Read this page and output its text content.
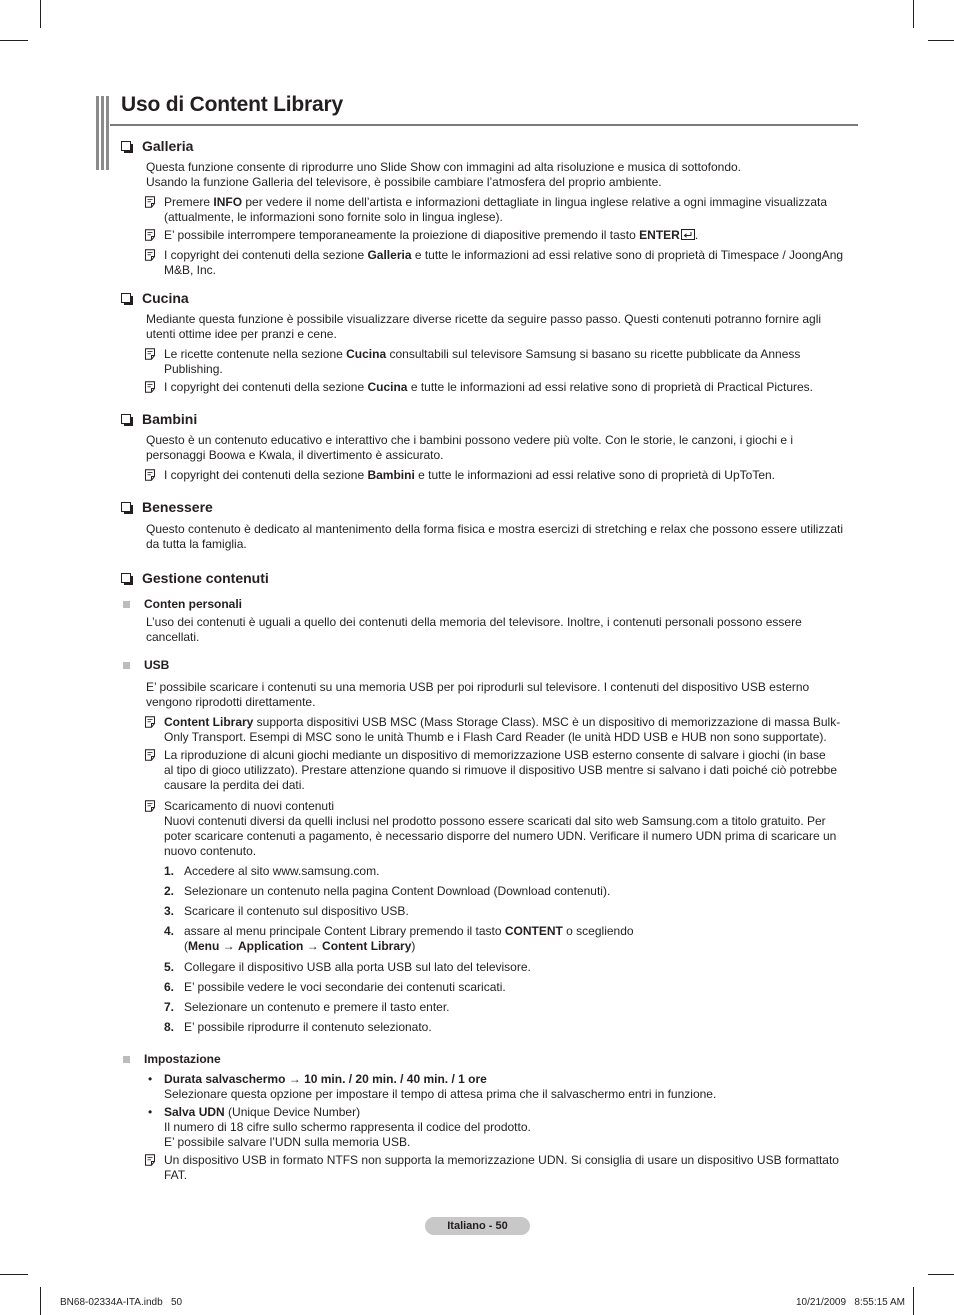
Uso di Content Library
Galleria
Questa funzione consente di riprodurre uno Slide Show con immagini ad alta risoluzione e musica di sottofondo.
Usando la funzione Galleria del televisore, è possibile cambiare l’atmosfera del proprio ambiente.
Premere INFO per vedere il nome dell’artista e informazioni dettagliate in lingua inglese relative a ogni immagine visualizzata
(attualmente, le informazioni sono fornite solo in lingua inglese).
E’ possibile interrompere temporaneamente la proiezione di diapositive premendo il tasto ENTER .
I copyright dei contenuti della sezione Galleria e tutte le informazioni ad essi relative sono di proprietà di Timespace / JoongAng
M&B, Inc.
Cucina
Mediante questa funzione è possibile visualizzare diverse ricette da seguire passo passo. Questi contenuti potranno fornire agli
utenti ottime idee per pranzi e cene.
Le ricette contenute nella sezione Cucina consultabili sul televisore Samsung si basano su ricette pubblicate da Anness
Publishing.
I copyright dei contenuti della sezione Cucina e tutte le informazioni ad essi relative sono di proprietà di Practical Pictures.
Bambini
Questo è un contenuto educativo e interattivo che i bambini possono vedere più volte. Con le storie, le canzoni, i giochi e i
personaggi Boowa e Kwala, il divertimento è assicurato.
I copyright dei contenuti della sezione Bambini e tutte le informazioni ad essi relative sono di proprietà di UpToTen.
Benessere
Questo contenuto è dedicato al mantenimento della forma fisica e mostra esercizi di stretching e relax che possono essere utilizzati
da tutta la famiglia.
Gestione contenuti
Conten personali
L’uso dei contenuti è uguali a quello dei contenuti della memoria del televisore. Inoltre, i contenuti personali possono essere
cancellati.
USB
E’ possibile scaricare i contenuti su una memoria USB per poi riprodurli sul televisore. I contenuti del dispositivo USB esterno
vengono riprodotti direttamente.
Content Library supporta dispositivi USB MSC (Mass Storage Class). MSC è un dispositivo di memorizzazione di massa Bulk-
Only Transport. Esempi di MSC sono le unità Thumb e i Flash Card Reader (le unità HDD USB e HUB non sono supportate).
La riproduzione di alcuni giochi mediante un dispositivo di memorizzazione USB esterno consente di salvare i giochi (in base
al tipo di gioco utilizzato). Prestare attenzione quando si rimuove il dispositivo USB mentre si salvano i dati poiché ciò potrebbe
causare la perdita dei dati.
Scaricamento di nuovi contenuti
Nuovi contenuti diversi da quelli inclusi nel prodotto possono essere scaricati dal sito web Samsung.com a titolo gratuito. Per
poter scaricare contenuti a pagamento, è necessario disporre del numero UDN. Verificare il numero UDN prima di scaricare un
nuovo contenuto.
1. Accedere al sito www.samsung.com.
2. Selezionare un contenuto nella pagina Content Download (Download contenuti).
3. Scaricare il contenuto sul dispositivo USB.
4. assare al menu principale Content Library premendo il tasto CONTENT o scegliendo
(Menu → Application → Content Library)
5. Collegare il dispositivo USB alla porta USB sul lato del televisore.
6. E’ possibile vedere le voci secondarie dei contenuti scaricati.
7. Selezionare un contenuto e premere il tasto enter.
8. E’ possibile riprodurre il contenuto selezionato.
Impostazione
• Durata salvaschermo → 10 min. / 20 min. / 40 min. / 1 ore
Selezionare questa opzione per impostare il tempo di attesa prima che il salvaschermo entri in funzione.
• Salva UDN (Unique Device Number)
Il numero di 18 cifre sullo schermo rappresenta il codice del prodotto.
E’ possibile salvare l’UDN sulla memoria USB.
Un dispositivo USB in formato NTFS non supporta la memorizzazione UDN. Si consiglia di usare un dispositivo USB formattato
FAT.
Italiano - 50
BN68-02334A-ITA.indb   50	10/21/2009   8:55:15 AM
